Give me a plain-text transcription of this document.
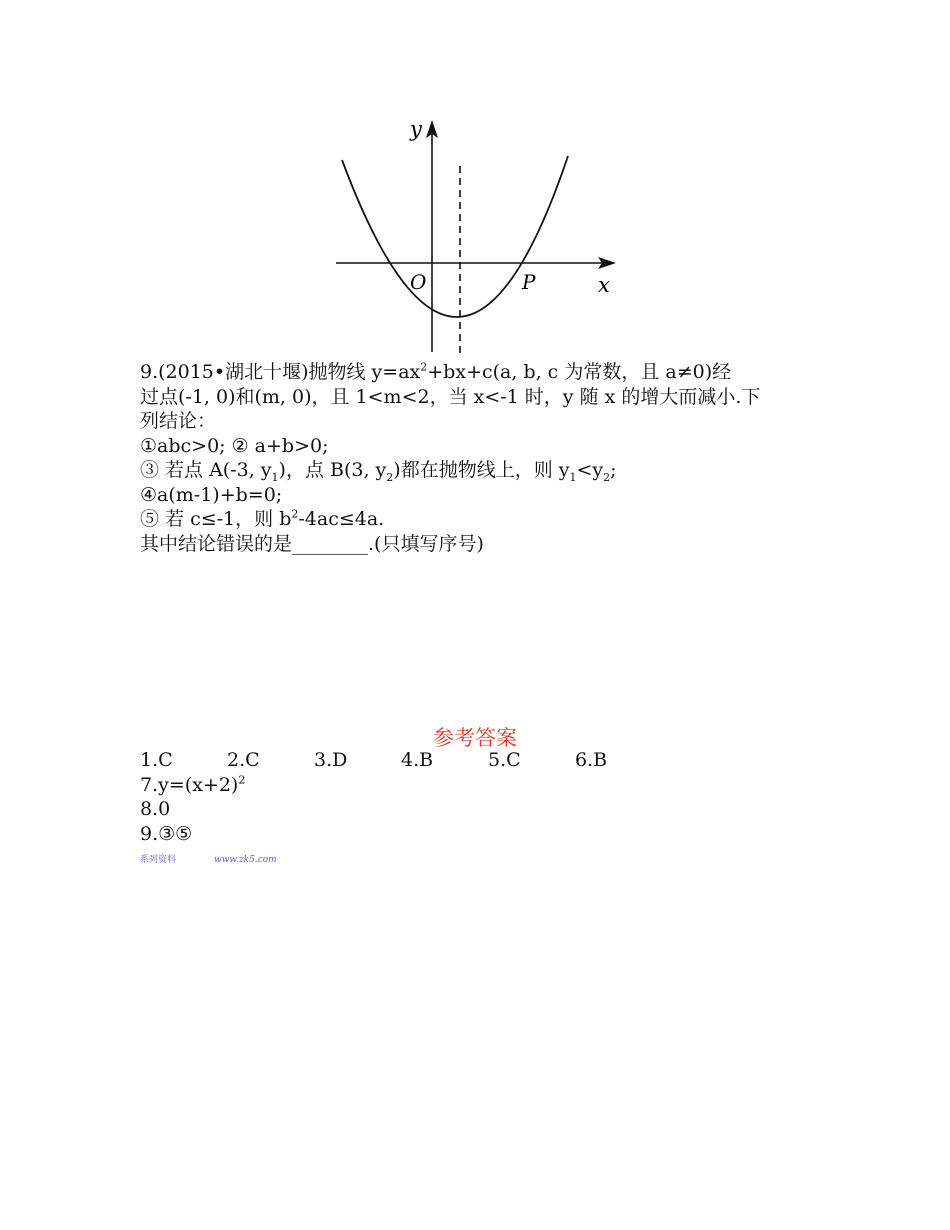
y
x
O	P
9.(2015•湖北十堰)抛物线 $y=ax^2+bx+c(a$, b, c 为常数，且 a≠0)经
过点(-1, 0)和(m, 0)，且 1<m<2，当 x<-1 时，y 随 x 的增大而减小.下
列结论：
①abc>0; ② a+b>0;
③ 若点 A(-3, $y_1$)，点 B(3, $y_2$)都在抛物线上，则 $y_1<y_2$;
④a(m-1)+b=0;
⑤ 若 c≤-1，则 $b^2-4ac\le 4a$.
其中结论错误的是________.(只填写序号)
参考答案
1.C	2.C	3.D	4.B	5.C	6.B
$7.y=(x+2)^2$
8.0
9.③⑤
系列资料	www.zk5.com
